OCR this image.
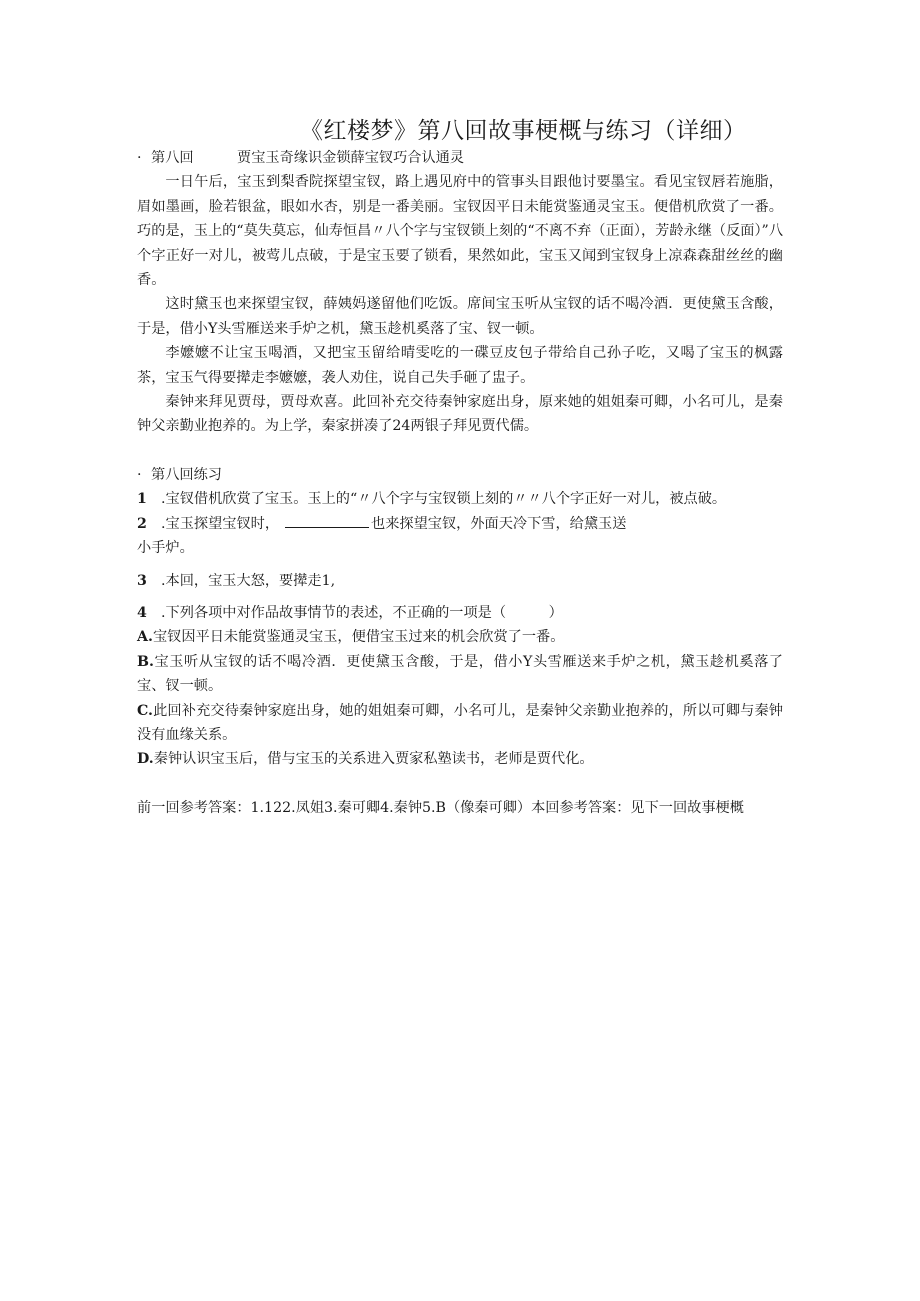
《红楼梦》第八回故事梗概与练习（详细）
· 第八回	贾宝玉奇缘识金锁薛宝钗巧合认通灵

一日午后，宝玉到梨香院探望宝钗，路上遇见府中的管事头目跟他讨要墨宝。看见宝钗唇若施脂，眉如墨画，脸若银盆，眼如水杏，别是一番美丽。宝钗因平日未能赏鉴通灵宝玉。便借机欣赏了一番。巧的是，玉上的“莫失莫忘，仙寿恒昌〃八个字与宝钗锁上刻的“不离不弃（正面），芳龄永继（反面）”八个字正好一对儿，被莺儿点破，于是宝玉要了锁看，果然如此，宝玉又闻到宝钗身上凉森森甜丝丝的幽香。

这时黛玉也来探望宝钗，薛姨妈遂留他们吃饭。席间宝玉听从宝钗的话不喝冷酒．更使黛玉含酸，于是，借小Y头雪雁送来手炉之机，黛玉趁机奚落了宝、钗一顿。

李嬷嬷不让宝玉喝酒，又把宝玉留给晴雯吃的一碟豆皮包子带给自己孙子吃，又喝了宝玉的枫露茶，宝玉气得要撵走李嬷嬷，袭人劝住，说自己失手砸了盅子。

秦钟来拜见贾母，贾母欢喜。此回补充交待秦钟家庭出身，原来她的姐姐秦可卿，小名可儿，是秦钟父亲勤业抱养的。为上学，秦家拼凑了24两银子拜见贾代儒。

· 第八回练习

1 .宝钗借机欣赏了宝玉。玉上的“〃八个字与宝钗锁上刻的〃〃八个字正好一对儿，被点破。

2 .宝玉探望宝钗时，	也来探望宝钗，外面天冷下雪，给黛玉送

小手炉。

3 .本回，宝玉大怒，要撵走1,

4 .下列各项中对作品故事情节的表述，不正确的一项是（　　　）

A.宝钗因平日未能赏鉴通灵宝玉，便借宝玉过来的机会欣赏了一番。

B.宝玉听从宝钗的话不喝冷酒．更使黛玉含酸，于是，借小Y头雪雁送来手炉之机，黛玉趁机奚落了宝、钗一顿。

C.此回补充交待秦钟家庭出身，她的姐姐秦可卿，小名可儿，是秦钟父亲勤业抱养的，所以可卿与秦钟没有血缘关系。

D.秦钟认识宝玉后，借与宝玉的关系进入贾家私塾读书，老师是贾代化。

前一回参考答案：1.122.凤姐3.秦可卿4.秦钟5.B（像秦可卿）本回参考答案：见下一回故事梗概
